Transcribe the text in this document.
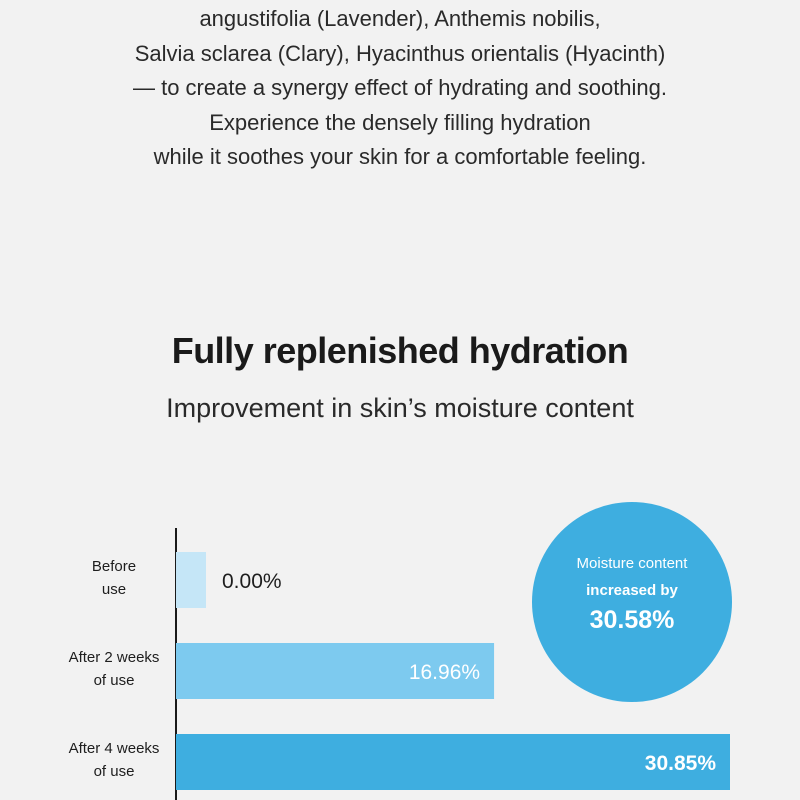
angustifolia (Lavender), Anthemis nobilis,
Salvia sclarea (Clary), Hyacinthus orientalis (Hyacinth)
— to create a synergy effect of hydrating and soothing.
Experience the densely filling hydration
while it soothes your skin for a comfortable feeling.
Fully replenished hydration
Improvement in skin’s moisture content
Before
use	0.00%
After 2 weeks
of use	16.96%
After 4 weeks
of use	30.85%
Moisture content
increased by
30.58%
